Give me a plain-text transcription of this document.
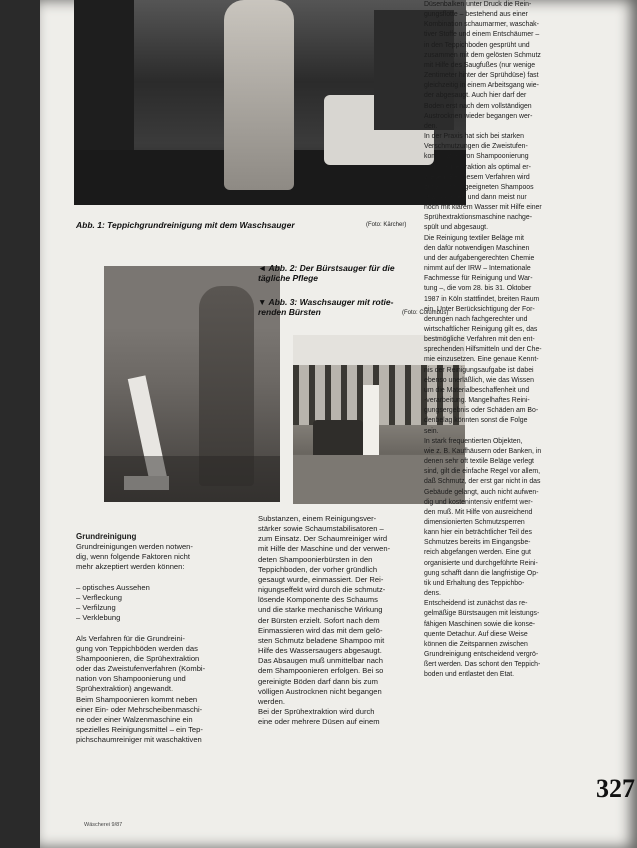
Abb. 1: Teppichgrundreinigung mit dem Waschsauger	(Foto: Kärcher)
◄ Abb. 2: Der Bürstsauger für die tägliche Pflege
▼ Abb. 3: Waschsauger mit rotie-
renden Bürsten	(Foto: Columbus)
Grundreinigung
Grundreinigungen werden notwen-
dig, wenn folgende Faktoren nicht
mehr akzeptiert werden können:

– optisches Aussehen
– Verfleckung
– Verfilzung
– Verklebung

Als Verfahren für die Grundreini-
gung von Teppichböden werden das
Shampoonieren, die Sprühextraktion
oder das Zweistufenverfahren (Kombi-
nation von Shampoonierung und
Sprühextraktion) angewandt.
Beim Shampoonieren kommt neben
einer Ein- oder Mehrscheibenmaschi-
ne oder einer Walzenmaschine ein
spezielles Reinigungsmittel – ein Tep-
pichschaumreiniger mit waschaktiven
Substanzen, einem Reinigungsver-
stärker sowie Schaumstabilisatoren –
zum Einsatz. Der Schaumreiniger wird
mit Hilfe der Maschine und der verwen-
deten Shampoonierbürsten in den
Teppichboden, der vorher gründlich
gesaugt wurde, einmassiert. Der Rei-
nigungseffekt wird durch die schmutz-
lösende Komponente des Schaums
und die starke mechanische Wirkung
der Bürsten erzielt. Sofort nach dem
Einmassieren wird das mit dem gelö-
sten Schmutz beladene Shampoo mit
Hilfe des Wassersaugers abgesaugt.
Das Absaugen muß unmittelbar nach
dem Shampoonieren erfolgen. Bei so
gereinigte Böden darf dann bis zum
völligen Austrocknen nicht begangen
werden.
Bei der Sprühextraktion wird durch
eine oder mehrere Düsen auf einem
Düsenbalken unter Druck die Rein-
gungsflotte – bestehend aus einer
Kombination schaumarmer, waschak-
tiver Stoffe und einem Entschäumer –
in den Teppichboden gesprüht und
zusammen mit dem gelösten Schmutz
mit Hilfe des Saugfußes (nur wenige
Zentimeter hinter der Sprühdüse) fast
gleichzeitig in einem Arbeitsgang wie-
der abgesaugt. Auch hier darf der
Boden erst nach dem vollständigen
Austrocknen wieder begangen wer-
den.
In der Praxis hat sich bei starken
Verschmutzungen die Zweistufen-
kombination von Shampoonierung
und Sprühextraktion als optimal er-
wiesen. Bei diesem Verfahren wird
zunächst mit geeigneten Shampoos
shampooniert und dann meist nur
noch mit klarem Wasser mit Hilfe einer
Sprühextraktionsmaschine nachge-
spült und abgesaugt.
Die Reinigung textiler Beläge mit
den dafür notwendigen Maschinen
und der aufgabengerechten Chemie
nimmt auf der IRW – Internationale
Fachmesse für Reinigung und War-
tung –, die vom 28. bis 31. Oktober
1987 in Köln stattfindet, breiten Raum
ein. Unter Berücksichtigung der For-
derungen nach fachgerechter und
wirtschaftlicher Reinigung gilt es, das
bestmögliche Verfahren mit den ent-
sprechenden Hilfsmitteln und der Che-
mie einzusetzen. Eine genaue Kennt-
nis der Reinigungsaufgabe ist dabei
ebenso unerläßlich, wie das Wissen
um die Materialbeschaffenheit und
-verarbeitung. Mangelhaftes Reini-
gungsergebnis oder Schäden am Bo-
denbelag könnten sonst die Folge
sein.
In stark frequentierten Objekten,
wie z. B. Kaufhäusern oder Banken, in
denen sehr oft textile Beläge verlegt
sind, gilt die einfache Regel vor allem,
daß Schmutz, der erst gar nicht in das
Gebäude gelangt, auch nicht aufwen-
dig und kostenintensiv entfernt wer-
den muß. Mit Hilfe von ausreichend
dimensionierten Schmutzsperren
kann hier ein beträchtlicher Teil des
Schmutzes bereits im Eingangsbe-
reich abgefangen werden. Eine gut
organisierte und durchgeführte Reini-
gung schafft dann die langfristige Op-
tik und Erhaltung des Teppichbo-
dens.
Entscheidend ist zunächst das re-
gelmäßige Bürstsaugen mit leistungs-
fähigen Maschinen sowie die konse-
quente Detachur. Auf diese Weise
können die Zeitspannen zwischen
Grundreinigung entscheidend vergrö-
ßert werden. Das schont den Teppich-
boden und entlastet den Etat.
327
Wäscherei 9/87
